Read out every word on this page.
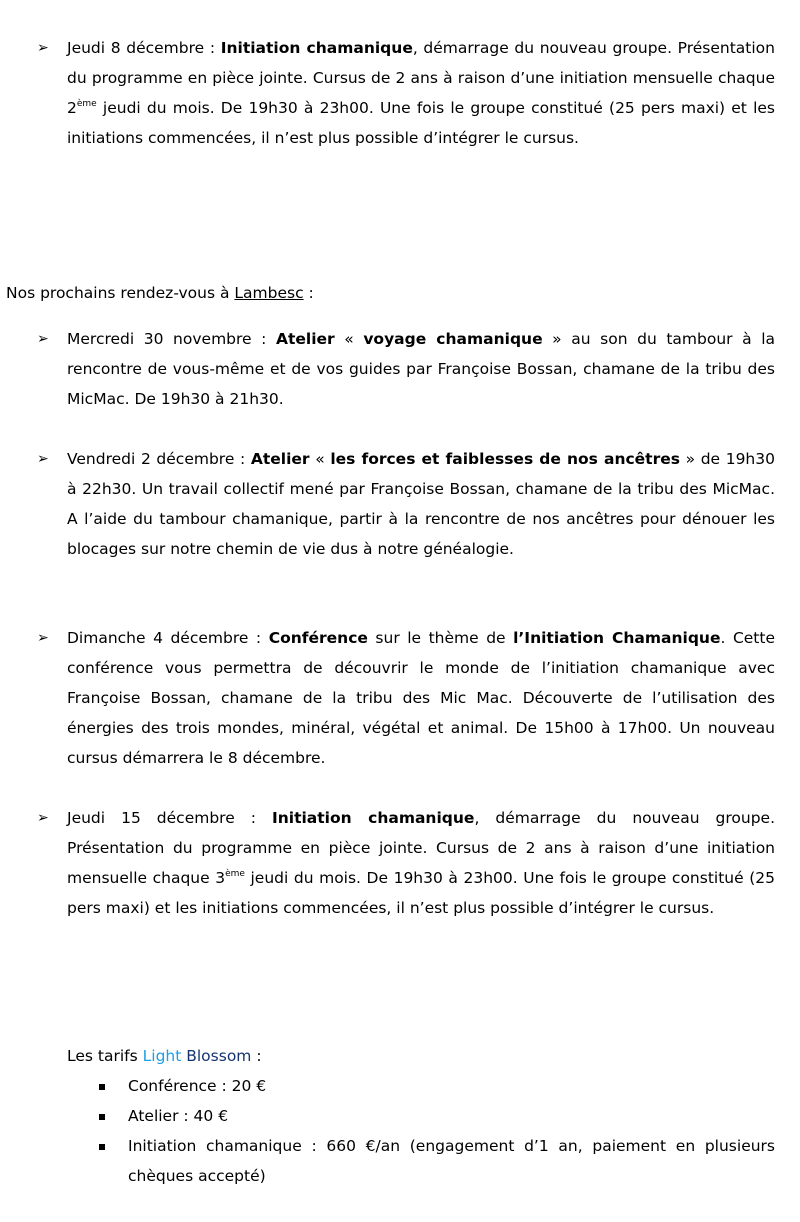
➢ Jeudi 8 décembre : Initiation chamanique, démarrage du nouveau groupe. Présentation du programme en pièce jointe. Cursus de 2 ans à raison d’une initiation mensuelle chaque 2ème jeudi du mois. De 19h30 à 23h00. Une fois le groupe constitué (25 pers maxi) et les initiations commencées, il n’est plus possible d’intégrer le cursus.
Nos prochains rendez-vous à Lambesc :
➢ Mercredi 30 novembre : Atelier « voyage chamanique » au son du tambour à la rencontre de vous-même et de vos guides par Françoise Bossan, chamane de la tribu des MicMac. De 19h30 à 21h30.
➢ Vendredi 2 décembre : Atelier « les forces et faiblesses de nos ancêtres » de 19h30 à 22h30. Un travail collectif mené par Françoise Bossan, chamane de la tribu des MicMac. A l’aide du tambour chamanique, partir à la rencontre de nos ancêtres pour dénouer les blocages sur notre chemin de vie dus à notre généalogie.
➢ Dimanche 4 décembre : Conférence sur le thème de l’Initiation Chamanique. Cette conférence vous permettra de découvrir le monde de l’initiation chamanique avec Françoise Bossan, chamane de la tribu des Mic Mac. Découverte de l’utilisation des énergies des trois mondes, minéral, végétal et animal. De 15h00 à 17h00. Un nouveau cursus démarrera le 8 décembre.
➢ Jeudi 15 décembre : Initiation chamanique, démarrage du nouveau groupe. Présentation du programme en pièce jointe. Cursus de 2 ans à raison d’une initiation mensuelle chaque 3ème jeudi du mois. De 19h30 à 23h00. Une fois le groupe constitué (25 pers maxi) et les initiations commencées, il n’est plus possible d’intégrer le cursus.
Les tarifs Light Blossom :
Conférence : 20 €
Atelier : 40 €
Initiation chamanique : 660 €/an (engagement d’1 an, paiement en plusieurs chèques accepté)
